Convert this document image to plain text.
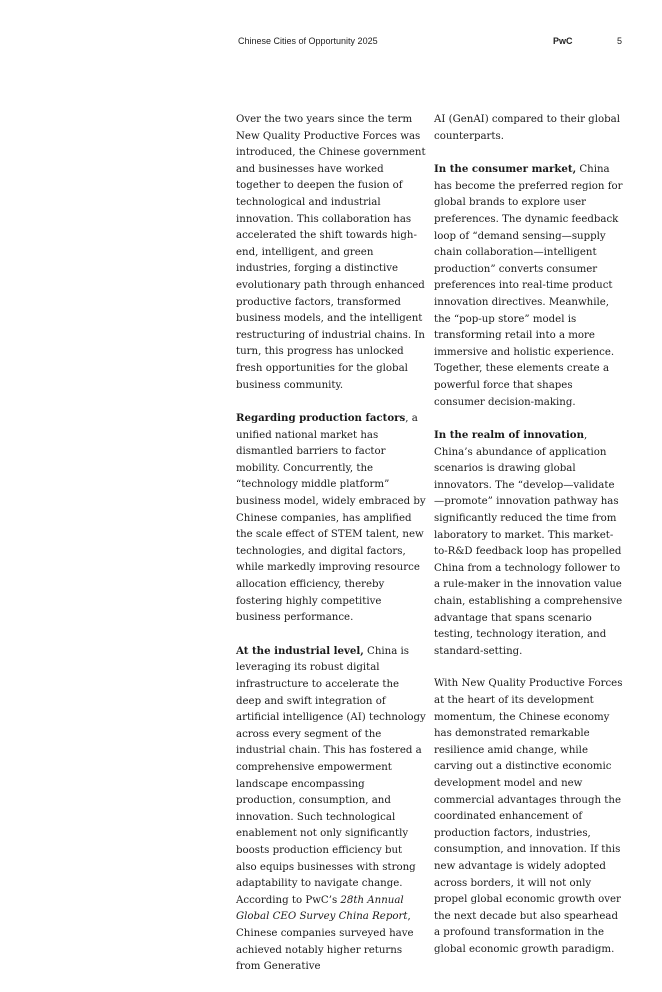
Chinese Cities of Opportunity 2025	PwC	5

Over the two years since the term New Quality Productive Forces was introduced, the Chinese government and businesses have worked together to deepen the fusion of technological and industrial innovation. This collaboration has accelerated the shift towards high-end, intelligent, and green industries, forging a distinctive evolutionary path through enhanced productive factors, transformed business models, and the intelligent restructuring of industrial chains. In turn, this progress has unlocked fresh opportunities for the global business community.

Regarding production factors, a unified national market has dismantled barriers to factor mobility. Concurrently, the “technology middle platform” business model, widely embraced by Chinese companies, has amplified the scale effect of STEM talent, new technologies, and digital factors, while markedly improving resource allocation efficiency, thereby fostering highly competitive business performance.

At the industrial level, China is leveraging its robust digital infrastructure to accelerate the deep and swift integration of artificial intelligence (AI) technology across every segment of the industrial chain. This has fostered a comprehensive empowerment landscape encompassing production, consumption, and innovation. Such technological enablement not only significantly boosts production efficiency but also equips businesses with strong adaptability to navigate change. According to PwC’s 28th Annual Global CEO Survey China Report, Chinese companies surveyed have achieved notably higher returns from Generative

AI (GenAI) compared to their global counterparts.

In the consumer market, China has become the preferred region for global brands to explore user preferences. The dynamic feedback loop of “demand sensing—supply chain collaboration—intelligent production” converts consumer preferences into real-time product innovation directives. Meanwhile, the “pop-up store” model is transforming retail into a more immersive and holistic experience. Together, these elements create a powerful force that shapes consumer decision-making.

In the realm of innovation, China’s abundance of application scenarios is drawing global innovators. The “develop—validate—promote” innovation pathway has significantly reduced the time from laboratory to market. This market-to-R&D feedback loop has propelled China from a technology follower to a rule-maker in the innovation value chain, establishing a comprehensive advantage that spans scenario testing, technology iteration, and standard-setting.

With New Quality Productive Forces at the heart of its development momentum, the Chinese economy has demonstrated remarkable resilience amid change, while carving out a distinctive economic development model and new commercial advantages through the coordinated enhancement of production factors, industries, consumption, and innovation. If this new advantage is widely adopted across borders, it will not only propel global economic growth over the next decade but also spearhead a profound transformation in the global economic growth paradigm.
